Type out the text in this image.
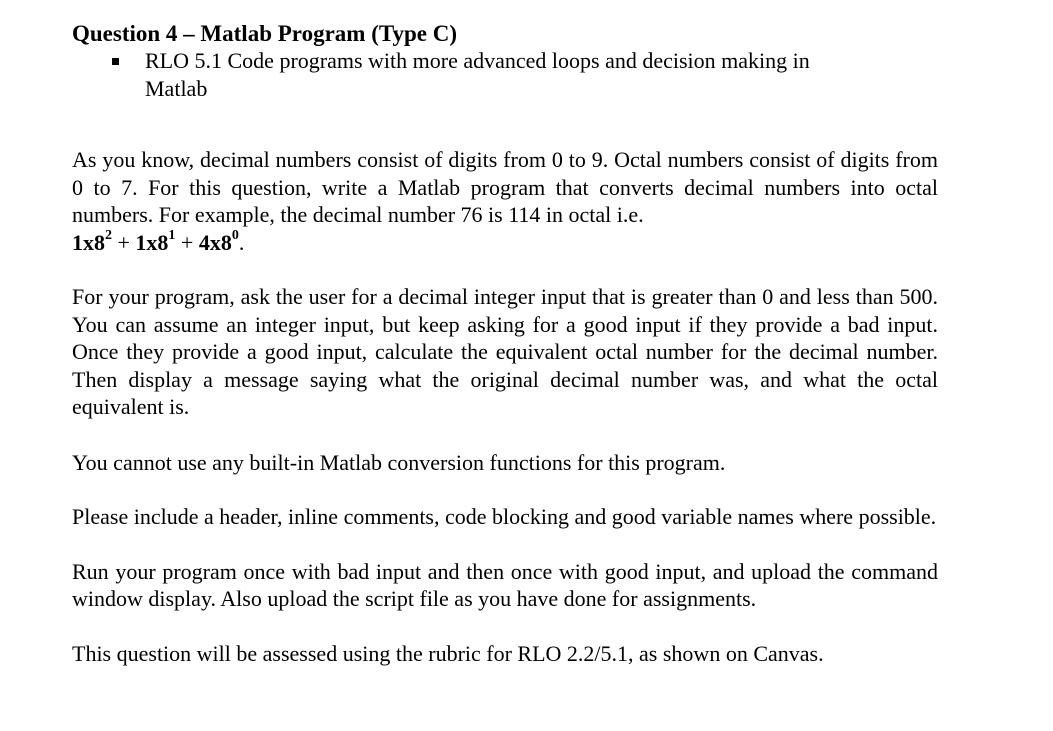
Question 4 – Matlab Program (Type C)
RLO 5.1 Code programs with more advanced loops and decision making in Matlab

As you know, decimal numbers consist of digits from 0 to 9. Octal numbers consist of digits from 0 to 7. For this question, write a Matlab program that converts decimal numbers into octal numbers. For example, the decimal number 76 is 114 in octal i.e.

$1x8^2 + 1x8^1 + 4x8^0$.

For your program, ask the user for a decimal integer input that is greater than 0 and less than 500. You can assume an integer input, but keep asking for a good input if they provide a bad input. Once they provide a good input, calculate the equivalent octal number for the decimal number. Then display a message saying what the original decimal number was, and what the octal equivalent is.

You cannot use any built-in Matlab conversion functions for this program.

Please include a header, inline comments, code blocking and good variable names where possible.

Run your program once with bad input and then once with good input, and upload the command window display. Also upload the script file as you have done for assignments.

This question will be assessed using the rubric for RLO 2.2/5.1, as shown on Canvas.
